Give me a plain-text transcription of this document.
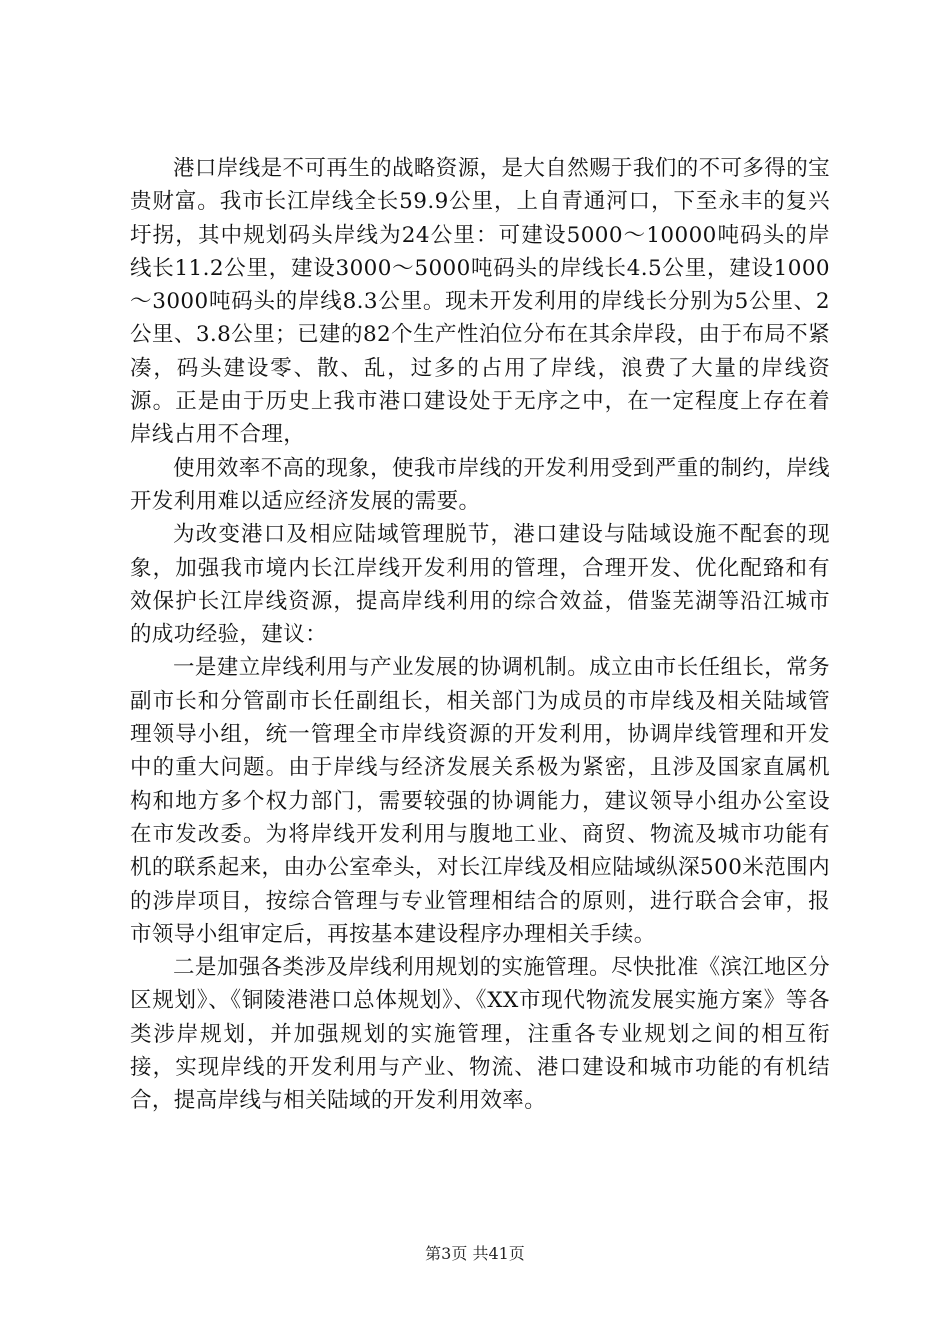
港口岸线是不可再生的战略资源，是大自然赐于我们的不可多得的宝贵财富。我市长江岸线全长59.9公里，上自青通河口，下至永丰的复兴圩拐，其中规划码头岸线为24公里：可建设5000～10000吨码头的岸线长11.2公里，建设3000～5000吨码头的岸线长4.5公里，建设1000～3000吨码头的岸线8.3公里。现未开发利用的岸线长分别为5公里、2公里、3.8公里；已建的82个生产性泊位分布在其余岸段，由于布局不紧凑，码头建设零、散、乱，过多的占用了岸线，浪费了大量的岸线资源。正是由于历史上我市港口建设处于无序之中，在一定程度上存在着岸线占用不合理，

使用效率不高的现象，使我市岸线的开发利用受到严重的制约，岸线开发利用难以适应经济发展的需要。

为改变港口及相应陆域管理脱节，港口建设与陆域设施不配套的现象，加强我市境内长江岸线开发利用的管理，合理开发、优化配臵和有效保护长江岸线资源，提高岸线利用的综合效益，借鉴芜湖等沿江城市的成功经验，建议：

一是建立岸线利用与产业发展的协调机制。成立由市长任组长，常务副市长和分管副市长任副组长，相关部门为成员的市岸线及相关陆域管理领导小组，统一管理全市岸线资源的开发利用，协调岸线管理和开发中的重大问题。由于岸线与经济发展关系极为紧密，且涉及国家直属机构和地方多个权力部门，需要较强的协调能力，建议领导小组办公室设在市发改委。为将岸线开发利用与腹地工业、商贸、物流及城市功能有机的联系起来，由办公室牵头，对长江岸线及相应陆域纵深500米范围内的涉岸项目，按综合管理与专业管理相结合的原则，进行联合会审，报市领导小组审定后，再按基本建设程序办理相关手续。

二是加强各类涉及岸线利用规划的实施管理。尽快批准《滨江地区分区规划》、《铜陵港港口总体规划》、《XX市现代物流发展实施方案》等各类涉岸规划，并加强规划的实施管理，注重各专业规划之间的相互衔接，实现岸线的开发利用与产业、物流、港口建设和城市功能的有机结合，提高岸线与相关陆域的开发利用效率。

第3页 共41页
